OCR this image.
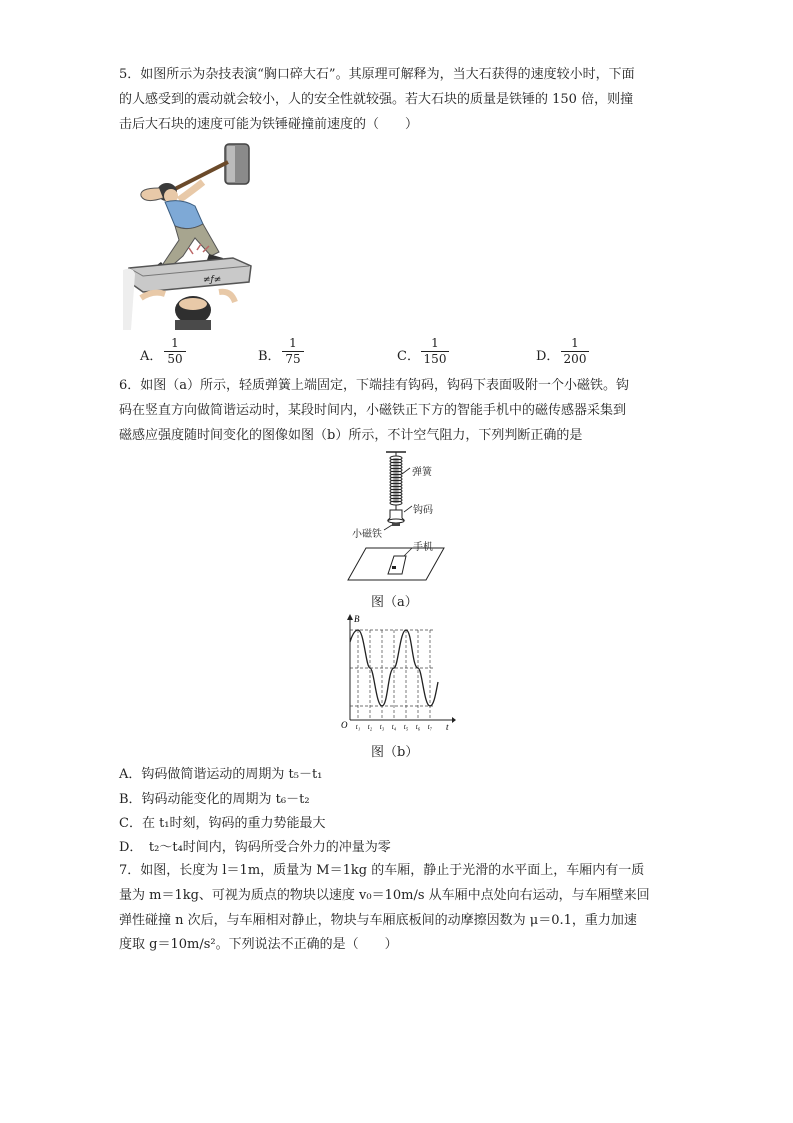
5．如图所示为杂技表演“胸口碎大石”。其原理可解释为，当大石获得的速度较小时，下面
的人感受到的震动就会较小，人的安全性就较强。若大石块的质量是铁锤的 150 倍，则撞
击后大石块的速度可能为铁锤碰撞前速度的（　　）
≠ƒ≠
A．
1
50	B．
1
75	C．
1
150	D．
1
200
6．如图（a）所示，轻质弹簧上端固定，下端挂有钩码，钩码下表面吸附一个小磁铁。钩
码在竖直方向做简谐运动时，某段时间内，小磁铁正下方的智能手机中的磁传感器采集到
磁感应强度随时间变化的图像如图（b）所示，不计空气阻力，下列判断正确的是
弹簧
钩码
小磁铁
手机
图（a）
B
t
O t₁ t₂ t₃ t₄ t₅ t₆ t₇
图（b）
A．钩码做简谐运动的周期为 t₅－t₁
B．钩码动能变化的周期为 t₆－t₂
C．在 t₁时刻，钩码的重力势能最大
D．　t₂～t₄时间内，钩码所受合外力的冲量为零
7．如图，长度为 l＝1m，质量为 M＝1kg 的车厢，静止于光滑的水平面上，车厢内有一质
量为 m＝1kg、可视为质点的物块以速度 v₀＝10m/s 从车厢中点处向右运动，与车厢壁来回
弹性碰撞 n 次后，与车厢相对静止，物块与车厢底板间的动摩擦因数为 μ＝0.1，重力加速
度取 g＝10m/s²。下列说法不正确的是（　　）
